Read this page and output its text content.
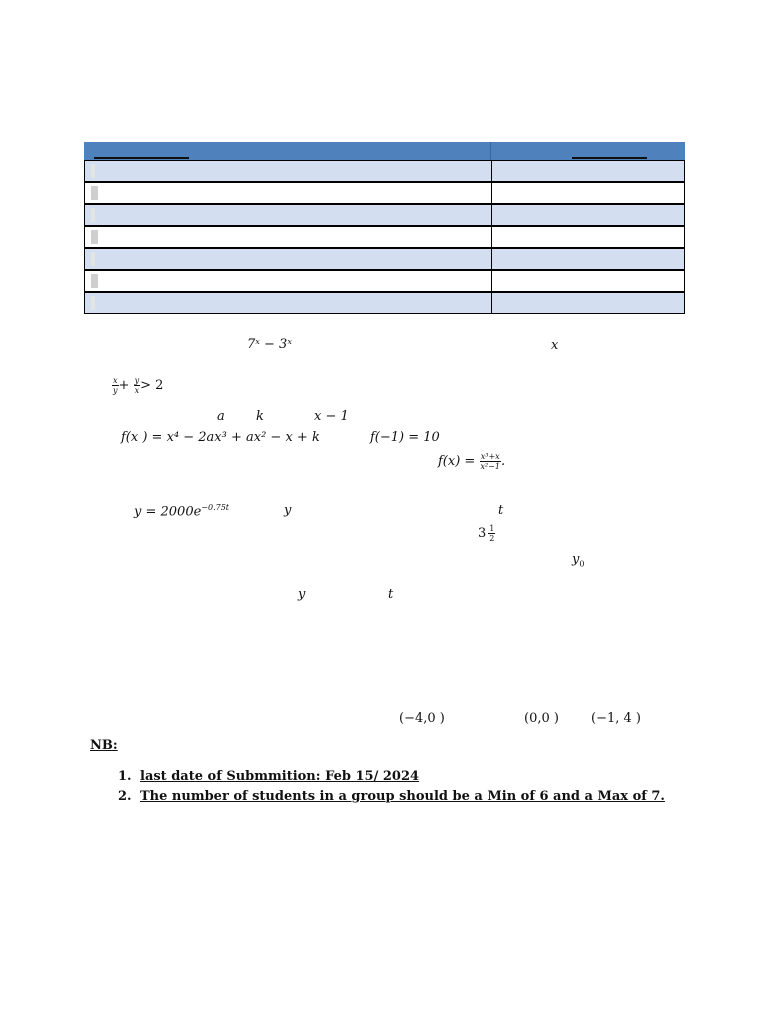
7ˣ − 3ˣ	x
$\frac{x}{y} + \frac{y}{x} > 2$
a k	x − 1
f(x ) = x⁴ − 2ax³ + ax² − x + k	f(−1) = 10
$f(x) = \frac{\text{x³+x}}{\text{x²−1}}$ .
$y = 2000e^{-0.75t}$	y	t
$3 \frac{1}{2}$
$y_0$
y	t
(−4,0 )	(0,0 ) (−1, 4 )
NB:
1. last date of Submmition: Feb 15/ 2024
2. The number of students in a group should be a Min of 6 and a Max of 7.
